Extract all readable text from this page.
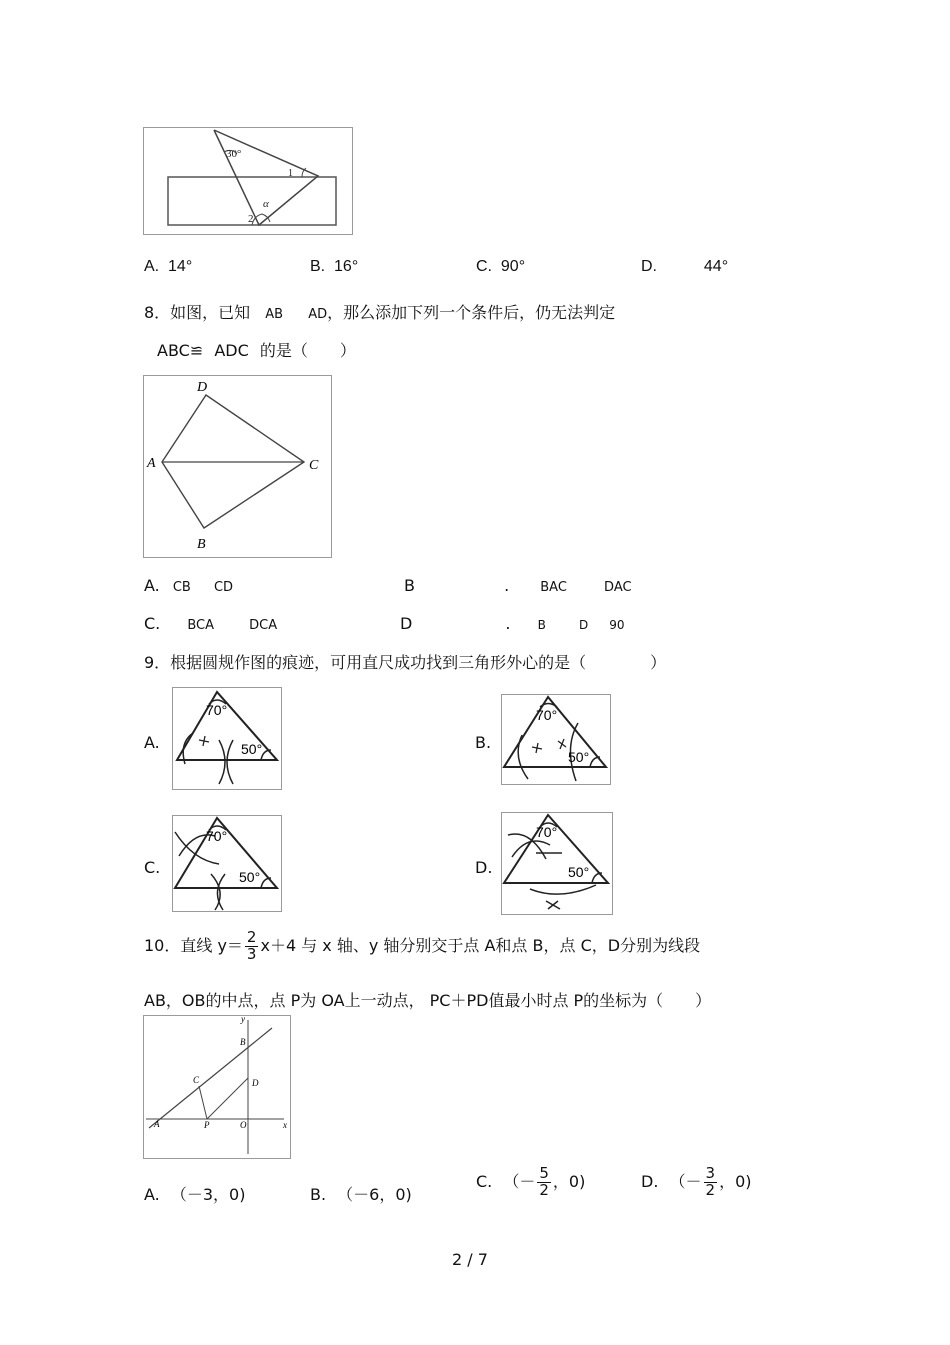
30°
1
2
α
A. 14°	B. 16°	C. 90°	D.	44°
8．如图，已知 AB AD，那么添加下列一个条件后，仍无法判定
ABC≌ ADC 的是（　　）
D
A	C
B
A. CB CD	B	. BAC	DAC
C. BCA	DCA	D	. B	D 90
9．根据圆规作图的痕迹，可用直尺成功找到三角形外心的是（　　　　）
A.
70°
50°	B.
70°
50°
C.
70°
50°	D.
70°
50°
10．直线 $y= \frac{2}{3} x+4$ 与 x 轴、y 轴分别交于点 A和点 B，点 C，D分别为线段
AB，OB的中点，点 P为 OA上一动点， PC＋PD值最小时点 P的坐标为（　　）
y
x
A
B
C	D
P	O
A. （－3，0)	B. （－6，0)
C. （－ $\frac{5}{2}$ ，0)	D. （－ $\frac{3}{2}$ ，0)
2 / 7
